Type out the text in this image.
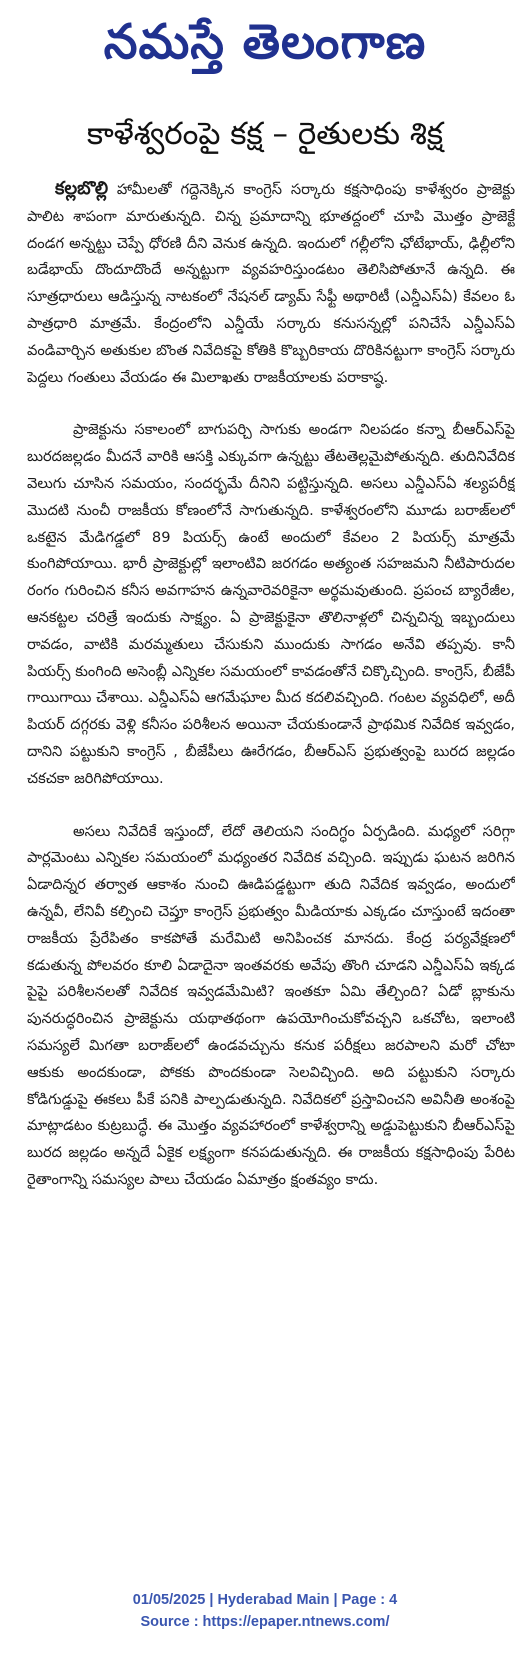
నమస్తే తెలంగాణ
కాళేశ్వరంపై కక్ష – రైతులకు శిక్ష

కల్లబొల్లి హామీలతో గద్దెనెక్కిన కాంగ్రెస్‌ సర్కారు కక్షసాధింపు కాళేశ్వరం ప్రాజెక్టు పాలిట శాపంగా మారుతున్నది. చిన్న ప్రమాదాన్ని భూతద్దంలో చూపి మొత్తం ప్రాజెక్టే దండగ అన్నట్టు చెప్పే ధోరణి దీని వెనుక ఉన్నది. ఇందులో గల్లీలోని ఛోటేభాయ్‌, ఢిల్లీలోని బడేభాయ్‌ దొందూదొందే అన్నట్టుగా వ్యవహరిస్తుండటం తెలిసిపోతూనే ఉన్నది. ఈ సూత్రధారులు ఆడిస్తున్న నాటకంలో నేషనల్‌ డ్యామ్‌ సేఫ్టీ అథారిటీ (ఎన్డీఎస్‌ఏ) కేవలం ఓ పాత్రధారి మాత్రమే. కేంద్రంలోని ఎన్డీయే సర్కారు కనుసన్నల్లో పనిచేసే ఎన్డీఎస్‌ఏ వండివార్చిన అతుకుల బొంత నివేదికపై కోతికి కొబ్బరికాయ దొరికినట్టుగా కాంగ్రెస్‌ సర్కారు పెద్దలు గంతులు వేయడం ఈ మిలాఖతు రాజకీయాలకు పరాకాష్ఠ.

ప్రాజెక్టును సకాలంలో బాగుపర్చి సాగుకు అండగా నిలపడం కన్నా బీఆర్‌ఎస్‌పై బురదజల్లడం మీదనే వారికి ఆసక్తి ఎక్కువగా ఉన్నట్టు తేటతెల్లమైపోతున్నది. తుదినివేదిక వెలుగు చూసిన సమయం, సందర్భమే దీనిని పట్టిస్తున్నది. అసలు ఎన్డీఎస్‌ఏ శల్యపరీక్ష మొదటి నుంచీ రాజకీయ కోణంలోనే సాగుతున్నది. కాళేశ్వరంలోని మూడు బరాజ్‌లలో ఒకటైన మేడిగడ్డలో 89 పియర్స్‌ ఉంటే అందులో కేవలం 2 పియర్స్‌ మాత్రమే కుంగిపోయాయి. భారీ ప్రాజెక్టుల్లో ఇలాంటివి జరగడం అత్యంత సహజమని నీటిపారుదల రంగం గురించిన కనీస అవగాహన ఉన్నవారెవరికైనా అర్థమవుతుంది. ప్రపంచ బ్యారేజీల, ఆనకట్టల చరిత్రే ఇందుకు సాక్ష్యం. ఏ ప్రాజెక్టుకైనా తొలినాళ్లలో చిన్నచిన్న ఇబ్బందులు రావడం, వాటికి మరమ్మతులు చేసుకుని ముందుకు సాగడం అనేవి తప్పవు. కానీ పియర్స్‌ కుంగింది అసెంబ్లీ ఎన్నికల సమయంలో కావడంతోనే చిక్కొచ్చింది. కాంగ్రెస్‌, బీజేపీ గాయిగాయి చేశాయి. ఎన్డీఎస్‌ఏ ఆగమేఘాల మీద కదలివచ్చింది. గంటల వ్యవధిలో, అదీ పియర్‌ దగ్గరకు వెళ్లి కనీసం పరిశీలన అయినా చేయకుండానే ప్రాథమిక నివేదిక ఇవ్వడం, దానిని పట్టుకుని కాంగ్రెస్‌ , బీజేపీలు ఊరేగడం, బీఆర్‌ఎస్‌ ప్రభుత్వంపై బురద జల్లడం చకచకా జరిగిపోయాయి.

అసలు నివేదికే ఇస్తుందో, లేదో తెలియని సందిగ్ధం ఏర్పడింది. మధ్యలో సరిగ్గా పార్లమెంటు ఎన్నికల సమయంలో మధ్యంతర నివేదిక వచ్చింది. ఇప్పుడు ఘటన జరిగిన ఏడాదిన్నర తర్వాత ఆకాశం నుంచి ఊడిపడ్డట్టుగా తుది నివేదిక ఇవ్వడం, అందులో ఉన్నవీ, లేనివీ కల్పించి చెప్తూ కాంగ్రెస్‌ ప్రభుత్వం మీడియాకు ఎక్కడం చూస్తుంటే ఇదంతా రాజకీయ ప్రేరేపితం కాకపోతే మరేమిటి అనిపించక మానదు. కేంద్ర పర్యవేక్షణలో కడుతున్న పోలవరం కూలి ఏడాదైనా ఇంతవరకు అవేపు తొంగి చూడని ఎన్డీఎస్‌ఏ ఇక్కడ పైపై పరిశీలనలతో నివేదిక ఇవ్వడమేమిటి? ఇంతకూ ఏమి తేల్చింది? ఏడో బ్లాకును పునరుద్ధరించిన ప్రాజెక్టును యథాతథంగా ఉపయోగించుకోవచ్చని ఒకచోట, ఇలాంటి సమస్యలే మిగతా బరాజ్‌లలో ఉండవచ్చును కనుక పరీక్షలు జరపాలని మరో చోటా ఆకుకు అందకుండా, పోకకు పొందకుండా సెలవిచ్చింది. అది పట్టుకుని సర్కారు కోడిగుడ్డుపై ఈకలు పీకే పనికి పాల్పడుతున్నది. నివేదికలో ప్రస్తావించని అవినీతి అంశంపై మాట్లాడటం కుట్రబుద్ధే. ఈ మొత్తం వ్యవహారంలో కాళేశ్వరాన్ని అడ్డుపెట్టుకుని బీఆర్‌ఎస్‌పై బురద జల్లడం అన్నదే ఏకైక లక్ష్యంగా కనపడుతున్నది. ఈ రాజకీయ కక్షసాధింపు పేరిట రైతాంగాన్ని సమస్యల పాలు చేయడం ఏమాత్రం క్షంతవ్యం కాదు.

01/05/2025 | Hyderabad Main | Page : 4
Source : https://epaper.ntnews.com/
